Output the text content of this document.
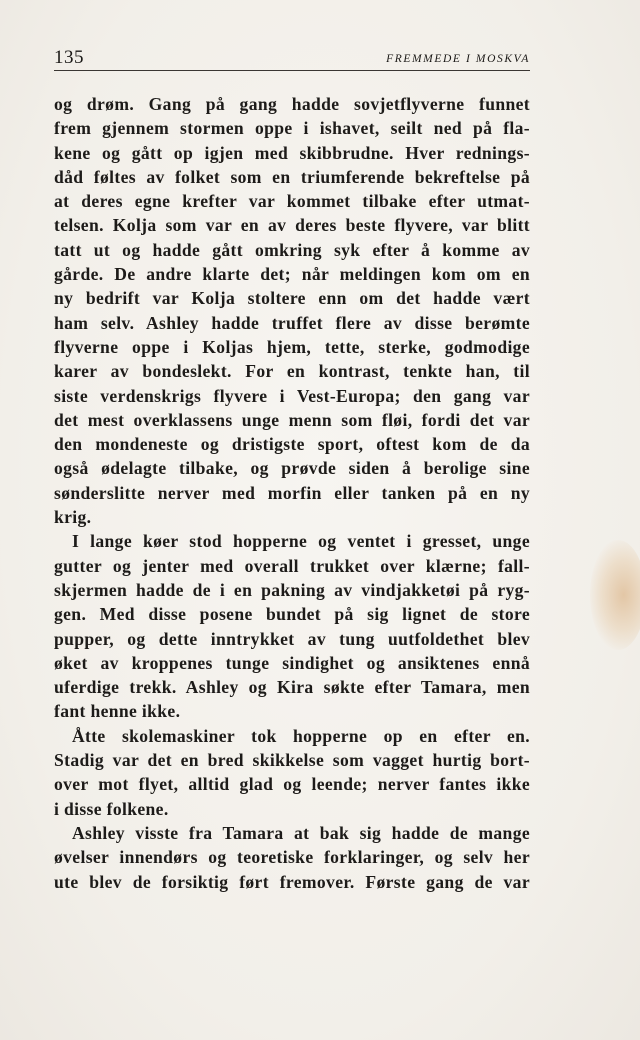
135	FREMMEDE I MOSKVA
og drøm. Gang på gang hadde sovjetflyverne funnet
frem gjennem stormen oppe i ishavet, seilt ned på fla-
kene og gått op igjen med skibbrudne. Hver rednings-
dåd føltes av folket som en triumferende bekreftelse på
at deres egne krefter var kommet tilbake efter utmat-
telsen. Kolja som var en av deres beste flyvere, var blitt
tatt ut og hadde gått omkring syk efter å komme av
gårde. De andre klarte det; når meldingen kom om en
ny bedrift var Kolja stoltere enn om det hadde vært
ham selv. Ashley hadde truffet flere av disse berømte
flyverne oppe i Koljas hjem, tette, sterke, godmodige
karer av bondeslekt. For en kontrast, tenkte han, til
siste verdenskrigs flyvere i Vest-Europa; den gang var
det mest overklassens unge menn som fløi, fordi det var
den mondeneste og dristigste sport, oftest kom de da
også ødelagte tilbake, og prøvde siden å berolige sine
sønderslitte nerver med morfin eller tanken på en ny
krig.
 I lange køer stod hopperne og ventet i gresset, unge
gutter og jenter med overall trukket over klærne; fall-
skjermen hadde de i en pakning av vindjakketøi på ryg-
gen. Med disse posene bundet på sig lignet de store
pupper, og dette inntrykket av tung uutfoldethet blev
øket av kroppenes tunge sindighet og ansiktenes ennå
uferdige trekk. Ashley og Kira søkte efter Tamara, men
fant henne ikke.
 Åtte skolemaskiner tok hopperne op en efter en.
Stadig var det en bred skikkelse som vagget hurtig bort-
over mot flyet, alltid glad og leende; nerver fantes ikke
i disse folkene.
 Ashley visste fra Tamara at bak sig hadde de mange
øvelser innendørs og teoretiske forklaringer, og selv her
ute blev de forsiktig ført fremover. Første gang de var
